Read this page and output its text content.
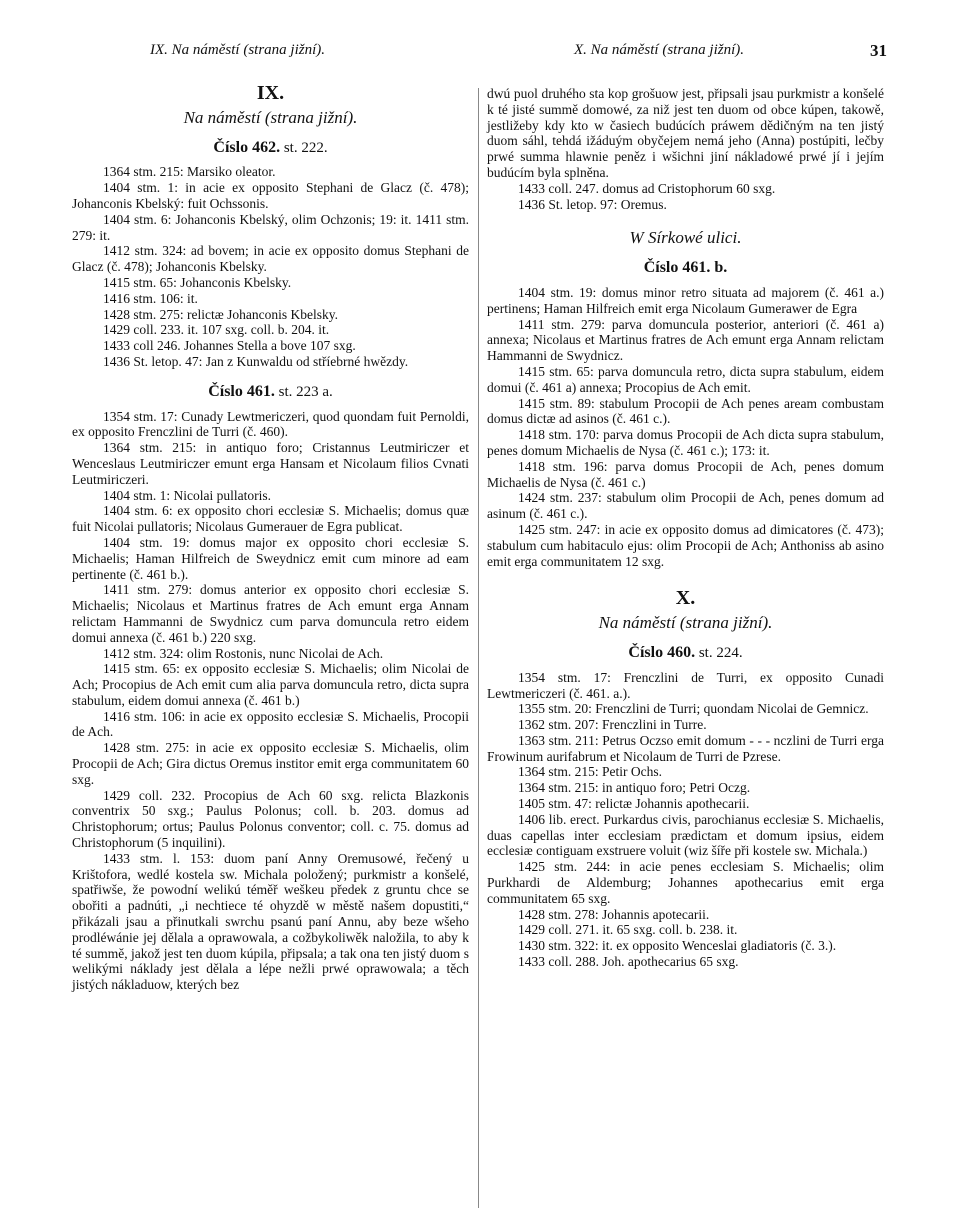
IX. Na náměstí (strana jižní).	X. Na náměstí (strana jižní).	31
IX.
Na náměstí (strana jižní).
Číslo 462. st. 222.

1364 stm. 215: Marsiko oleator.

1404 stm. 1: in acie ex opposito Stephani de Glacz (č. 478); Johanconis Kbelský: fuit Ochssonis.

1404 stm. 6: Johanconis Kbelský, olim Ochzonis; 19: it. 1411 stm. 279: it.

1412 stm. 324: ad bovem; in acie ex opposito domus Stephani de Glacz (č. 478); Johanconis Kbelsky.

1415 stm. 65: Johanconis Kbelsky.

1416 stm. 106: it.

1428 stm. 275: relictæ Johanconis Kbelsky.

1429 coll. 233. it. 107 sxg. coll. b. 204. it.

1433 coll 246. Johannes Stella a bove 107 sxg.

1436 St. letop. 47: Jan z Kunwaldu od stříebrné hwězdy.

Číslo 461. st. 223 a.

1354 stm. 17: Cunady Lewtmericzeri, quod quondam fuit Pernoldi, ex opposito Frenczlini de Turri (č. 460).

1364 stm. 215: in antiquo foro; Cristannus Leutmiriczer et Wenceslaus Leutmiriczer emunt erga Hansam et Nicolaum filios Cvnati Leutmiriczeri.

1404 stm. 1: Nicolai pullatoris.

1404 stm. 6: ex opposito chori ecclesiæ S. Michaelis; domus quæ fuit Nicolai pullatoris; Nicolaus Gumerauer de Egra publicat.

1404 stm. 19: domus major ex opposito chori ecclesiæ S. Michaelis; Haman Hilfreich de Sweydnicz emit cum minore ad eam pertinente (č. 461 b.).

1411 stm. 279: domus anterior ex opposito chori ecclesiæ S. Michaelis; Nicolaus et Martinus fratres de Ach emunt erga Annam relictam Hammanni de Swydnicz cum parva domuncula retro eidem domui annexa (č. 461 b.) 220 sxg.

1412 stm. 324: olim Rostonis, nunc Nicolai de Ach.

1415 stm. 65: ex opposito ecclesiæ S. Michaelis; olim Nicolai de Ach; Procopius de Ach emit cum alia parva domuncula retro, dicta supra stabulum, eidem domui annexa (č. 461 b.)

1416 stm. 106: in acie ex opposito ecclesiæ S. Michaelis, Procopii de Ach.

1428 stm. 275: in acie ex opposito ecclesiæ S. Michaelis, olim Procopii de Ach; Gira dictus Oremus institor emit erga communitatem 60 sxg.

1429 coll. 232. Procopius de Ach 60 sxg. relicta Blazkonis conventrix 50 sxg.; Paulus Polonus; coll. b. 203. domus ad Christophorum; ortus; Paulus Polonus conventor; coll. c. 75. domus ad Christophorum (5 inquilini).

1433 stm. l. 153: duom paní Anny Oremusowé, řečený u Krištofora, wedlé kostela sw. Michala položený; purkmistr a konšelé, spatřiwše, že powodní welikú téměř weškeu předek z gruntu chce se obořiti a padnúti, „i nechtiece té ohyzdě w městě našem dopustiti,“ přikázali jsau a přinutkali swrchu psanú paní Annu, aby beze wšeho prodléwánie jej dělala a oprawowala, a cožbykoliwěk naložila, to aby k té summě, jakož jest ten duom kúpila, připsala; a tak ona ten jistý duom s welikými náklady jest dělala a lépe nežli prwé oprawowala; a těch jistých nákladuow, kterých bez

dwú puol druhého sta kop grošuow jest, připsali jsau purkmistr a konšelé k té jisté summě domowé, za niž jest ten duom od obce kúpen, takowě, jestližeby kdy kto w časiech budúcích práwem dědičným na ten jistý duom sáhl, tehdá ižáduým obyčejem nemá jeho (Anna) postúpiti, lečby prwé summa hlawnie peněz i wšichni jiní nákladowé prwé jí i jejím budúcím byla splněna.

1433 coll. 247. domus ad Cristophorum 60 sxg.

1436 St. letop. 97: Oremus.

W Sírkowé ulici.
Číslo 461. b.

1404 stm. 19: domus minor retro situata ad majorem (č. 461 a.) pertinens; Haman Hilfreich emit erga Nicolaum Gumerawer de Egra

1411 stm. 279: parva domuncula posterior, anteriori (č. 461 a) annexa; Nicolaus et Martinus fratres de Ach emunt erga Annam relictam Hammanni de Swydnicz.

1415 stm. 65: parva domuncula retro, dicta supra stabulum, eidem domui (č. 461 a) annexa; Procopius de Ach emit.

1415 stm. 89: stabulum Procopii de Ach penes aream combustam domus dictæ ad asinos (č. 461 c.).

1418 stm. 170: parva domus Procopii de Ach dicta supra stabulum, penes domum Michaelis de Nysa (č. 461 c.); 173: it.

1418 stm. 196: parva domus Procopii de Ach, penes domum Michaelis de Nysa (č. 461 c.)

1424 stm. 237: stabulum olim Procopii de Ach, penes domum ad asinum (č. 461 c.).

1425 stm. 247: in acie ex opposito domus ad dimicatores (č. 473); stabulum cum habitaculo ejus: olim Procopii de Ach; Anthoniss ab asino emit erga communitatem 12 sxg.

X.
Na náměstí (strana jižní).
Číslo 460. st. 224.

1354 stm. 17: Frenczlini de Turri, ex opposito Cunadi Lewtmericzeri (č. 461. a.).

1355 stm. 20: Frenczlini de Turri; quondam Nicolai de Gemnicz.

1362 stm. 207: Frenczlini in Turre.

1363 stm. 211: Petrus Oczso emit domum - - - nczlini de Turri erga Frowinum aurifabrum et Nicolaum de Turri de Pzrese.

1364 stm. 215: Petir Ochs.

1364 stm. 215: in antiquo foro; Petri Oczg.

1405 stm. 47: relictæ Johannis apothecarii.

1406 lib. erect. Purkardus civis, parochianus ecclesiæ S. Michaelis, duas capellas inter ecclesiam prædictam et domum ipsius, eidem ecclesiæ contiguam exstruere voluit (wiz šíře při kostele sw. Michala.)

1425 stm. 244: in acie penes ecclesiam S. Michaelis; olim Purkhardi de Aldemburg; Johannes apothecarius emit erga communitatem 65 sxg.

1428 stm. 278: Johannis apotecarii.

1429 coll. 271. it. 65 sxg. coll. b. 238. it.

1430 stm. 322: it. ex opposito Wenceslai gladiatoris (č. 3.).

1433 coll. 288. Joh. apothecarius 65 sxg.
